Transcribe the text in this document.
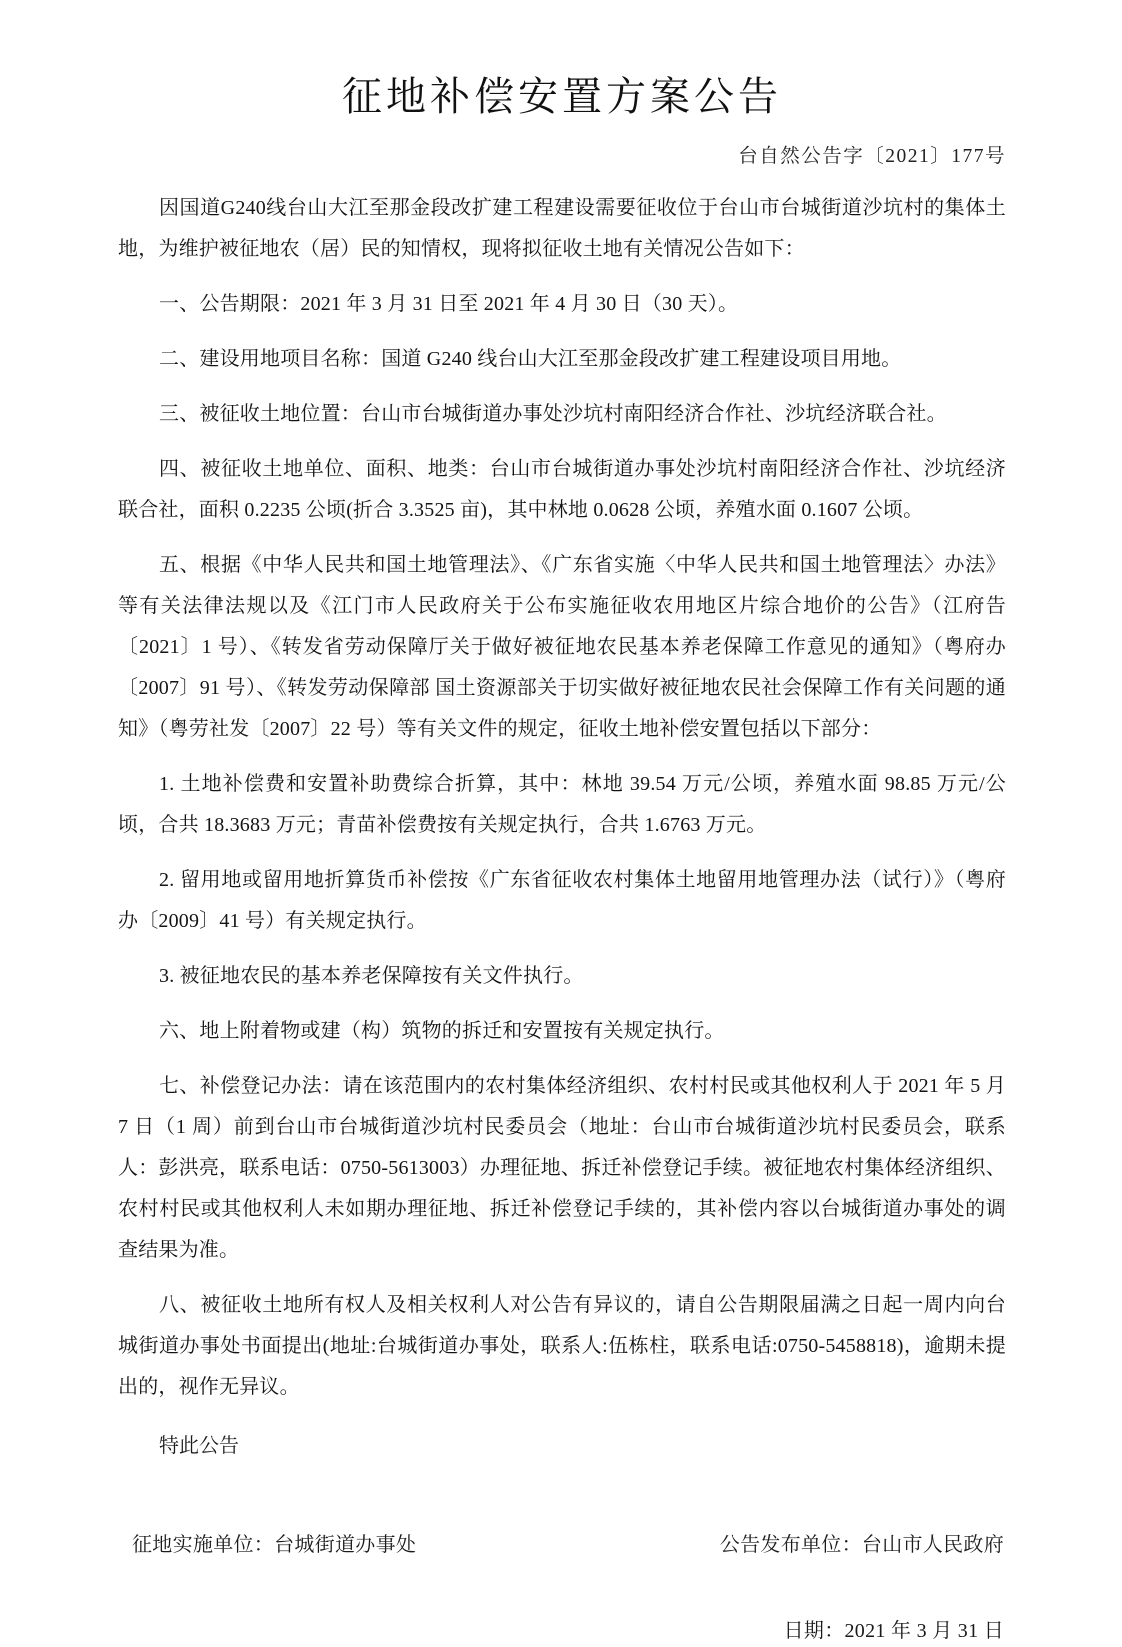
征地补偿安置方案公告
台自然公告字〔2021〕177号

因国道G240线台山大江至那金段改扩建工程建设需要征收位于台山市台城街道沙坑村的集体土地，为维护被征地农（居）民的知情权，现将拟征收土地有关情况公告如下：

一、公告期限：2021 年 3 月 31 日至 2021 年 4 月 30 日（30 天）。

二、建设用地项目名称：国道 G240 线台山大江至那金段改扩建工程建设项目用地。

三、被征收土地位置：台山市台城街道办事处沙坑村南阳经济合作社、沙坑经济联合社。

四、被征收土地单位、面积、地类：台山市台城街道办事处沙坑村南阳经济合作社、沙坑经济联合社，面积 0.2235 公顷(折合 3.3525 亩)，其中林地 0.0628 公顷，养殖水面 0.1607 公顷。

五、根据《中华人民共和国土地管理法》、《广东省实施〈中华人民共和国土地管理法〉办法》等有关法律法规以及《江门市人民政府关于公布实施征收农用地区片综合地价的公告》（江府告〔2021〕1 号）、《转发省劳动保障厅关于做好被征地农民基本养老保障工作意见的通知》（粤府办〔2007〕91 号）、《转发劳动保障部 国土资源部关于切实做好被征地农民社会保障工作有关问题的通知》（粤劳社发〔2007〕22 号）等有关文件的规定，征收土地补偿安置包括以下部分：

1. 土地补偿费和安置补助费综合折算，其中：林地 39.54 万元/公顷，养殖水面 98.85 万元/公顷，合共 18.3683 万元；青苗补偿费按有关规定执行，合共 1.6763 万元。

2. 留用地或留用地折算货币补偿按《广东省征收农村集体土地留用地管理办法（试行）》（粤府办〔2009〕41 号）有关规定执行。

3. 被征地农民的基本养老保障按有关文件执行。

六、地上附着物或建（构）筑物的拆迁和安置按有关规定执行。

七、补偿登记办法：请在该范围内的农村集体经济组织、农村村民或其他权利人于 2021 年 5 月 7 日（1 周）前到台山市台城街道沙坑村民委员会（地址：台山市台城街道沙坑村民委员会，联系人：彭洪亮，联系电话：0750-5613003）办理征地、拆迁补偿登记手续。被征地农村集体经济组织、农村村民或其他权利人未如期办理征地、拆迁补偿登记手续的，其补偿内容以台城街道办事处的调查结果为准。

八、被征收土地所有权人及相关权利人对公告有异议的，请自公告期限届满之日起一周内向台城街道办事处书面提出(地址:台城街道办事处，联系人:伍栋柱，联系电话:0750-5458818)，逾期未提出的，视作无异议。

特此公告

征地实施单位：台城街道办事处	公告发布单位：台山市人民政府
日期：2021 年 3 月 31 日
